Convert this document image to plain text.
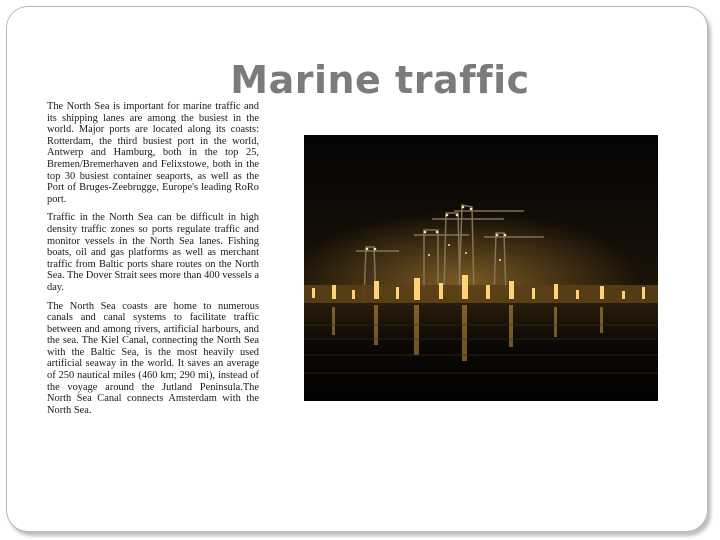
Marine traffic

The North Sea is important for marine traffic and its shipping lanes are among the busiest in the world. Major ports are located along its coasts: Rotterdam, the third busiest port in the world, Antwerp and Hamburg, both in the top 25, Bremen/Bremerhaven and Felixstowe, both in the top 30 busiest container seaports, as well as the Port of Bruges-Zeebrugge, Europe's leading RoRo port.

Traffic in the North Sea can be difficult in high density traffic zones so ports regulate traffic and monitor vessels in the North Sea lanes. Fishing boats, oil and gas platforms as well as merchant traffic from Baltic ports share routes on the North Sea. The Dover Strait sees more than 400 vessels a day.

The North Sea coasts are home to numerous canals and canal systems to facilitate traffic between and among rivers, artificial harbours, and the sea. The Kiel Canal, connecting the North Sea with the Baltic Sea, is the most heavily used artificial seaway in the world. It saves an average of 250 nautical miles (460 km; 290 mi), instead of the voyage around the Jutland Peninsula.The North Sea Canal connects Amsterdam with the North Sea.
